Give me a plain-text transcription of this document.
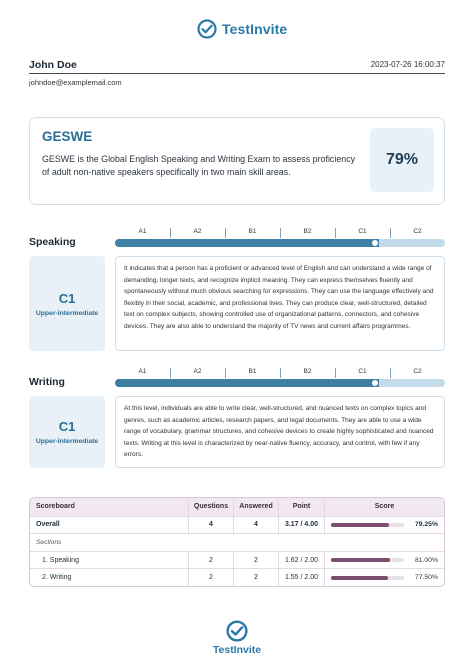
TestInvite
John Doe	2023-07-26 16:00:37
johndoe@examplemail.com
GESWE
GESWE is the Global English Speaking and Writing Exam to assess proficiency of adult non-native speakers specifically in two main skill areas.
79%
Speaking
A1	A2	B1	B2	C1	C2
C1
Upper-intermediate
It indicates that a person has a proficient or advanced level of English and can understand a wide range of demanding, longer texts, and recognize implicit meaning. They can express themselves fluently and spontaneously without much obvious searching for expressions. They can use the language effectively and flexibly in their social, academic, and professional lives. They can produce clear, well-structured, detailed text on complex subjects, showing controlled use of organizational patterns, connectors, and cohesive devices. They are also able to understand the majority of TV news and current affairs programmes.
Writing
A1	A2	B1	B2	C1	C2
C1
Upper-intermediate
At this level, individuals are able to write clear, well-structured, and nuanced texts on complex topics and genres, such as academic articles, research papers, and legal documents. They are able to use a wide range of vocabulary, grammar structures, and cohesive devices to create highly sophisticated and nuanced texts. Writing at this level is characterized by near-native fluency, accuracy, and control, with few if any errors.
Scoreboard	Questions	Answered	Point	Score
Overall	4	4	3.17 / 4.00	79.25%
Sections
1. Speaking	2	2	1.62 / 2.00	81.00%
2. Writing	2	2	1.55 / 2.00	77.50%
TestInvite
